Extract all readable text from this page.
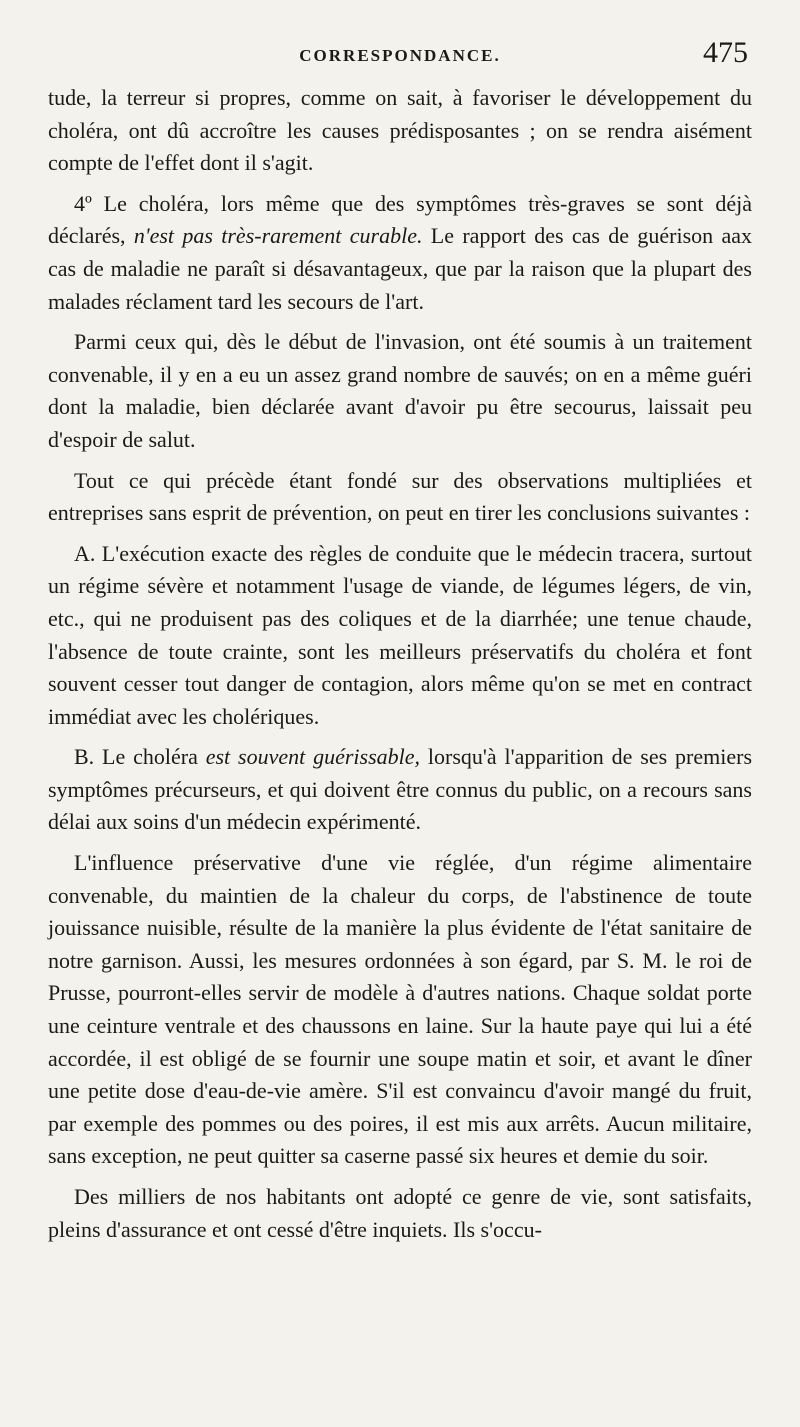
CORRESPONDANCE.	475

tude, la terreur si propres, comme on sait, à favoriser le développement du choléra, ont dû accroître les causes prédisposantes ; on se rendra aisément compte de l'effet dont il s'agit.

4º Le choléra, lors même que des symptômes très-graves se sont déjà déclarés, n'est pas très-rarement curable. Le rapport des cas de guérison aax cas de maladie ne paraît si désavantageux, que par la raison que la plupart des malades réclament tard les secours de l'art.

Parmi ceux qui, dès le début de l'invasion, ont été soumis à un traitement convenable, il y en a eu un assez grand nombre de sauvés; on en a même guéri dont la maladie, bien déclarée avant d'avoir pu être secourus, laissait peu d'espoir de salut.

Tout ce qui précède étant fondé sur des observations multipliées et entreprises sans esprit de prévention, on peut en tirer les conclusions suivantes :

A. L'exécution exacte des règles de conduite que le médecin tracera, surtout un régime sévère et notamment l'usage de viande, de légumes légers, de vin, etc., qui ne produisent pas des coliques et de la diarrhée; une tenue chaude, l'absence de toute crainte, sont les meilleurs préservatifs du choléra et font souvent cesser tout danger de contagion, alors même qu'on se met en contract immédiat avec les cholériques.

B. Le choléra est souvent guérissable, lorsqu'à l'apparition de ses premiers symptômes précurseurs, et qui doivent être connus du public, on a recours sans délai aux soins d'un médecin expérimenté.

L'influence préservative d'une vie réglée, d'un régime alimentaire convenable, du maintien de la chaleur du corps, de l'abstinence de toute jouissance nuisible, résulte de la manière la plus évidente de l'état sanitaire de notre garnison. Aussi, les mesures ordonnées à son égard, par S. M. le roi de Prusse, pourront-elles servir de modèle à d'autres nations. Chaque soldat porte une ceinture ventrale et des chaussons en laine. Sur la haute paye qui lui a été accordée, il est obligé de se fournir une soupe matin et soir, et avant le dîner une petite dose d'eau-de-vie amère. S'il est convaincu d'avoir mangé du fruit, par exemple des pommes ou des poires, il est mis aux arrêts. Aucun militaire, sans exception, ne peut quitter sa caserne passé six heures et demie du soir.

Des milliers de nos habitants ont adopté ce genre de vie, sont satisfaits, pleins d'assurance et ont cessé d'être inquiets. Ils s'occu-
